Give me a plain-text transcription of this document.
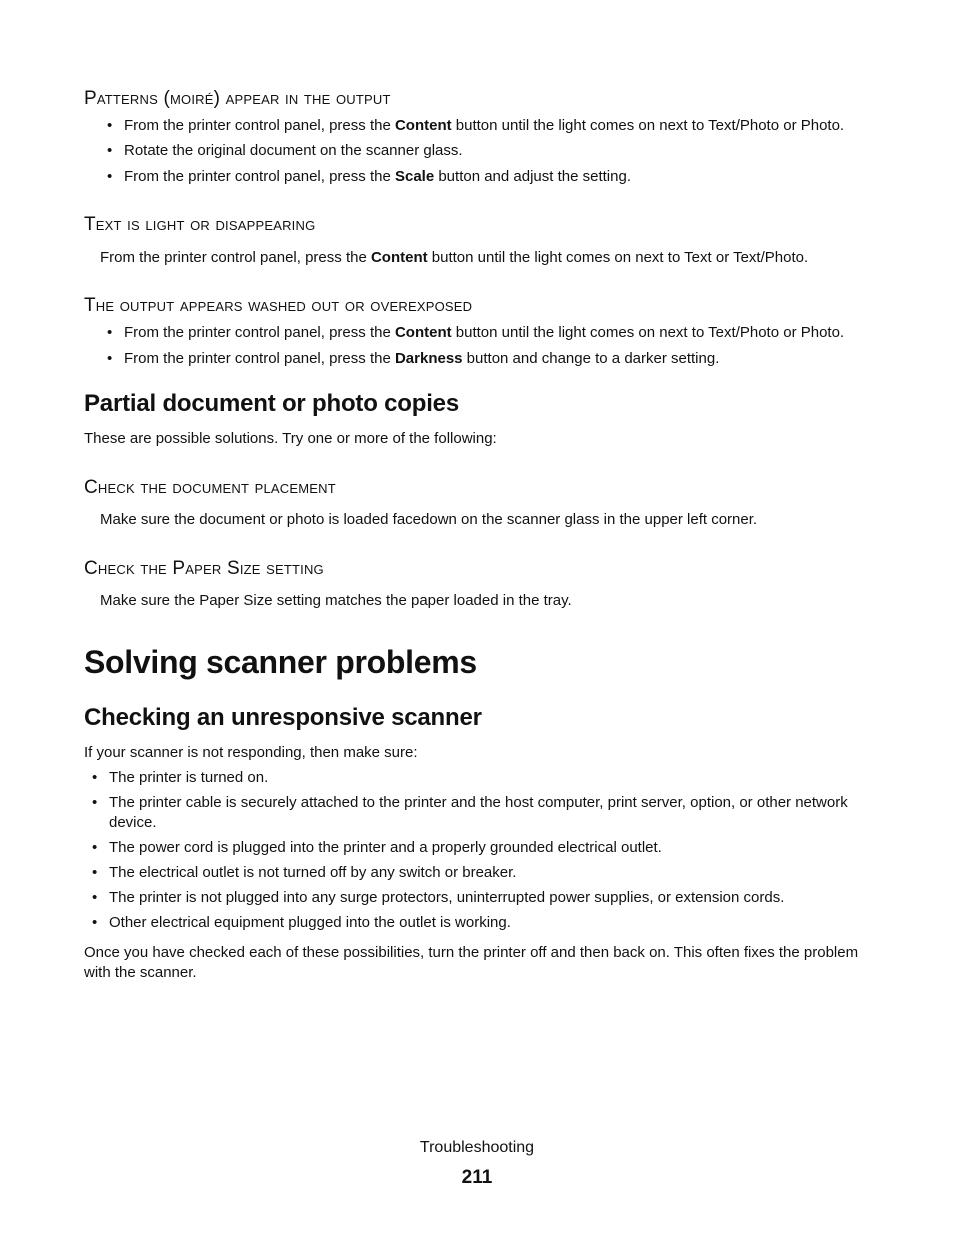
Patterns (moiré) appear in the output
• From the printer control panel, press the Content button until the light comes on next to Text/Photo or Photo.
• Rotate the original document on the scanner glass.
• From the printer control panel, press the Scale button and adjust the setting.
Text is light or disappearing

From the printer control panel, press the Content button until the light comes on next to Text or Text/Photo.

The output appears washed out or overexposed
• From the printer control panel, press the Content button until the light comes on next to Text/Photo or Photo.
• From the printer control panel, press the Darkness button and change to a darker setting.
Partial document or photo copies

These are possible solutions. Try one or more of the following:

Check the document placement

Make sure the document or photo is loaded facedown on the scanner glass in the upper left corner.

Check the Paper Size setting

Make sure the Paper Size setting matches the paper loaded in the tray.

Solving scanner problems
Checking an unresponsive scanner

If your scanner is not responding, then make sure:

• The printer is turned on.
• The printer cable is securely attached to the printer and the host computer, print server, option, or other network device.
• The power cord is plugged into the printer and a properly grounded electrical outlet.
• The electrical outlet is not turned off by any switch or breaker.
• The printer is not plugged into any surge protectors, uninterrupted power supplies, or extension cords.
• Other electrical equipment plugged into the outlet is working.

Once you have checked each of these possibilities, turn the printer off and then back on. This often fixes the problem with the scanner.

Troubleshooting
211
